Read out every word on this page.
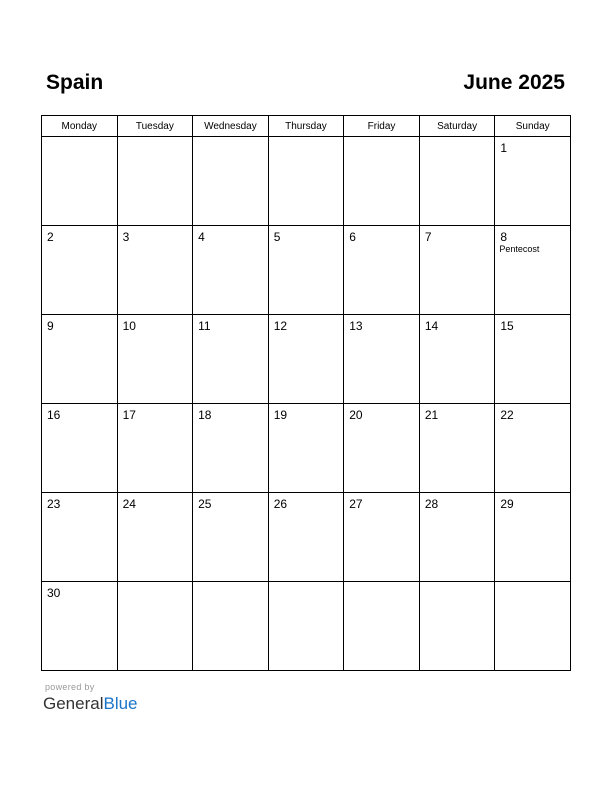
Spain	June 2025
Monday	Tuesday	Wednesday	Thursday	Friday	Saturday	Sunday

						1

2	3	4	5	6	7	8
Pentecost

9	10	11	12	13	14	15

16	17	18	19	20	21	22

23	24	25	26	27	28	29

30						

powered by
GeneralBlue
